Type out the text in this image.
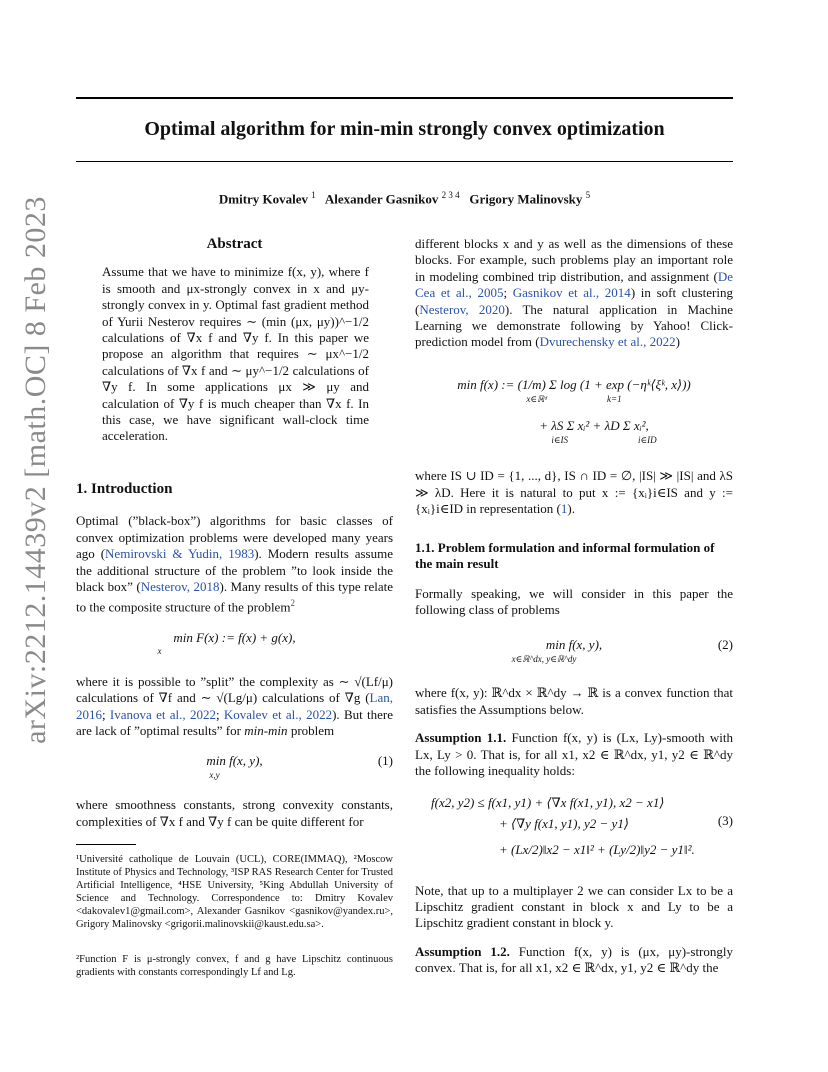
Optimal algorithm for min-min strongly convex optimization
Dmitry Kovalev $^1$ Alexander Gasnikov $^{2 3 4}$ Grigory Malinovsky $^5$
arXiv:2212.14439v2 [math.OC] 8 Feb 2023	Abstract

Assume that we have to minimize f(x, y), where f is smooth and μx-strongly convex in x and μy-strongly convex in y. Optimal fast gradient method of Yurii Nesterov requires ∼ (min (μx, μy))^−1/2 calculations of ∇x f and ∇y f. In this paper we propose an algorithm that requires ∼ μx^−1/2 calculations of ∇x f and ∼ μy^−1/2 calculations of ∇y f. In some applications μx ≫ μy and calculation of ∇y f is much cheaper than ∇x f. In this case, we have significant wall-clock time acceleration.

1. Introduction

Optimal (”black-box”) algorithms for basic classes of convex optimization problems were developed many years ago (Nemirovski & Yudin, 1983). Modern results assume the additional structure of the problem ”to look inside the black box” (Nesterov, 2018). Many results of this type relate to the composite structure of the problem$^2$

min F(x) := f(x) + g(x),
x

where it is possible to ”split” the complexity as ∼ √(Lf/μ) calculations of ∇f and ∼ √(Lg/μ) calculations of ∇g (Lan, 2016; Ivanova et al., 2022; Kovalev et al., 2022). But there are lack of ”optimal results” for min-min problem

min f(x, y),
x,y
(1)

where smoothness constants, strong convexity constants, complexities of ∇x f and ∇y f can be quite different for

¹Université catholique de Louvain (UCL), CORE(IMMAQ), ²Moscow Institute of Physics and Technology, ³ISP RAS Research Center for Trusted Artificial Intelligence, ⁴HSE University, ⁵King Abdullah University of Science and Technology. Correspondence to: Dmitry Kovalev <dakovalev1@gmail.com>, Alexander Gasnikov <gasnikov@yandex.ru>, Grigory Malinovsky <grigorii.malinovskii@kaust.edu.sa>.

²Function F is μ-strongly convex, f and g have Lipschitz continuous gradients with constants correspondingly Lf and Lg.

different blocks x and y as well as the dimensions of these blocks. For example, such problems play an important role in modeling combined trip distribution, and assignment (De Cea et al., 2005; Gasnikov et al., 2014) in soft clustering (Nesterov, 2020). The natural application in Machine Learning we demonstrate following by Yahoo! Click-prediction model from (Dvurechensky et al., 2022)

min f(x) := (1/m) Σ log (1 + exp (−ηᵏ⟨ξᵏ, x⟩))
x∈ℝᵈ	k=1
+ λS Σ xᵢ² + λD Σ xᵢ²,
i∈IS	i∈ID

where IS ∪ ID = {1, ..., d}, IS ∩ ID = ∅, |IS| ≫ |IS| and λS ≫ λD. Here it is natural to put x := {xᵢ}i∈IS and y := {xᵢ}i∈ID in representation (1).

1.1. Problem formulation and informal formulation of the main result

Formally speaking, we will consider in this paper the following class of problems

min f(x, y),
x∈ℝ^dx, y∈ℝ^dy
(2)

where f(x, y): ℝ^dx × ℝ^dy → ℝ is a convex function that satisfies the Assumptions below.

Assumption 1.1. Function f(x, y) is (Lx, Ly)-smooth with Lx, Ly > 0. That is, for all x1, x2 ∈ ℝ^dx, y1, y2 ∈ ℝ^dy the following inequality holds:

f(x2, y2) ≤ f(x1, y1) + ⟨∇x f(x1, y1), x2 − x1⟩
+ ⟨∇y f(x1, y1), y2 − y1⟩
+ (Lx/2)‖x2 − x1‖² + (Ly/2)‖y2 − y1‖².
(3)

Note, that up to a multiplayer 2 we can consider Lx to be a Lipschitz gradient constant in block x and Ly to be a Lipschitz gradient constant in block y.

Assumption 1.2. Function f(x, y) is (μx, μy)-strongly convex. That is, for all x1, x2 ∈ ℝ^dx, y1, y2 ∈ ℝ^dy the
